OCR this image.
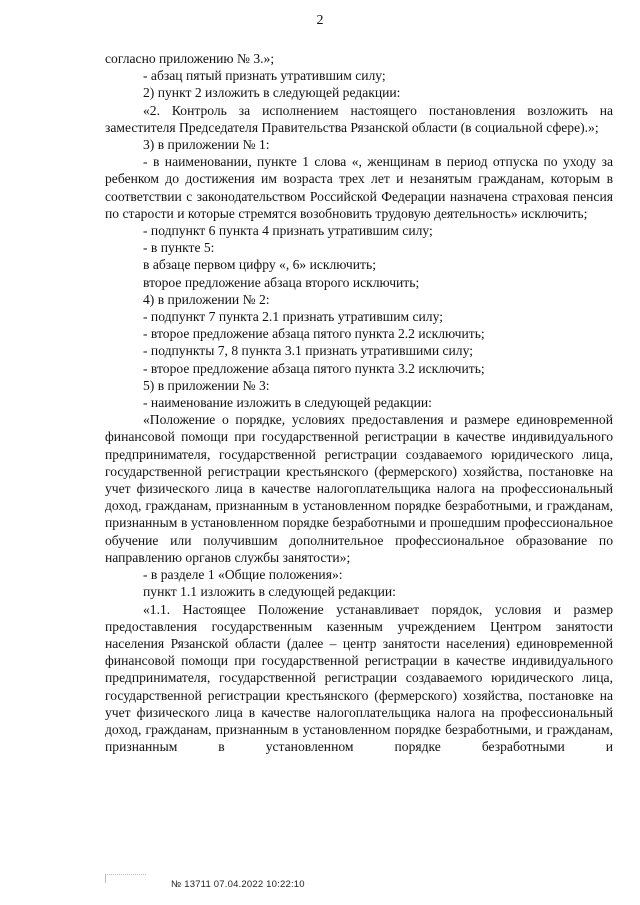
2

согласно приложению № 3.»;

- абзац пятый признать утратившим силу;

2) пункт 2 изложить в следующей редакции:

«2. Контроль за исполнением настоящего постановления возложить на заместителя Председателя Правительства Рязанской области (в социальной сфере).»;

3) в приложении № 1:

- в наименовании, пункте 1 слова «, женщинам в период отпуска по уходу за ребенком до достижения им возраста трех лет и незанятым гражданам, которым в соответствии с законодательством Российской Федерации назначена страховая пенсия по старости и которые стремятся возобновить трудовую деятельность» исключить;

- подпункт 6 пункта 4 признать утратившим силу;

- в пункте 5:

в абзаце первом цифру «, 6» исключить;

второе предложение абзаца второго исключить;

4) в приложении № 2:

- подпункт 7 пункта 2.1 признать утратившим силу;

- второе предложение абзаца пятого пункта 2.2 исключить;

- подпункты 7, 8 пункта 3.1 признать утратившими силу;

- второе предложение абзаца пятого пункта 3.2 исключить;

5) в приложении № 3:

- наименование изложить в следующей редакции:

«Положение о порядке, условиях предоставления и размере единовременной финансовой помощи при государственной регистрации в качестве индивидуального предпринимателя, государственной регистрации создаваемого юридического лица, государственной регистрации крестьянского (фермерского) хозяйства, постановке на учет физического лица в качестве налогоплательщика налога на профессиональный доход, гражданам, признанным в установленном порядке безработными, и гражданам, признанным в установленном порядке безработными и прошедшим профессиональное обучение или получившим дополнительное профессиональное образование по направлению органов службы занятости»;

- в разделе 1 «Общие положения»:

пункт 1.1 изложить в следующей редакции:

«1.1. Настоящее Положение устанавливает порядок, условия и размер предоставления государственным казенным учреждением Центром занятости населения Рязанской области (далее – центр занятости населения) единовременной финансовой помощи при государственной регистрации в качестве индивидуального предпринимателя, государственной регистрации создаваемого юридического лица, государственной регистрации крестьянского (фермерского) хозяйства, постановке на учет физического лица в качестве налогоплательщика налога на профессиональный доход, гражданам, признанным в установленном порядке безработными, и гражданам, признанным в установленном порядке безработными и

№ 13711 07.04.2022 10:22:10
